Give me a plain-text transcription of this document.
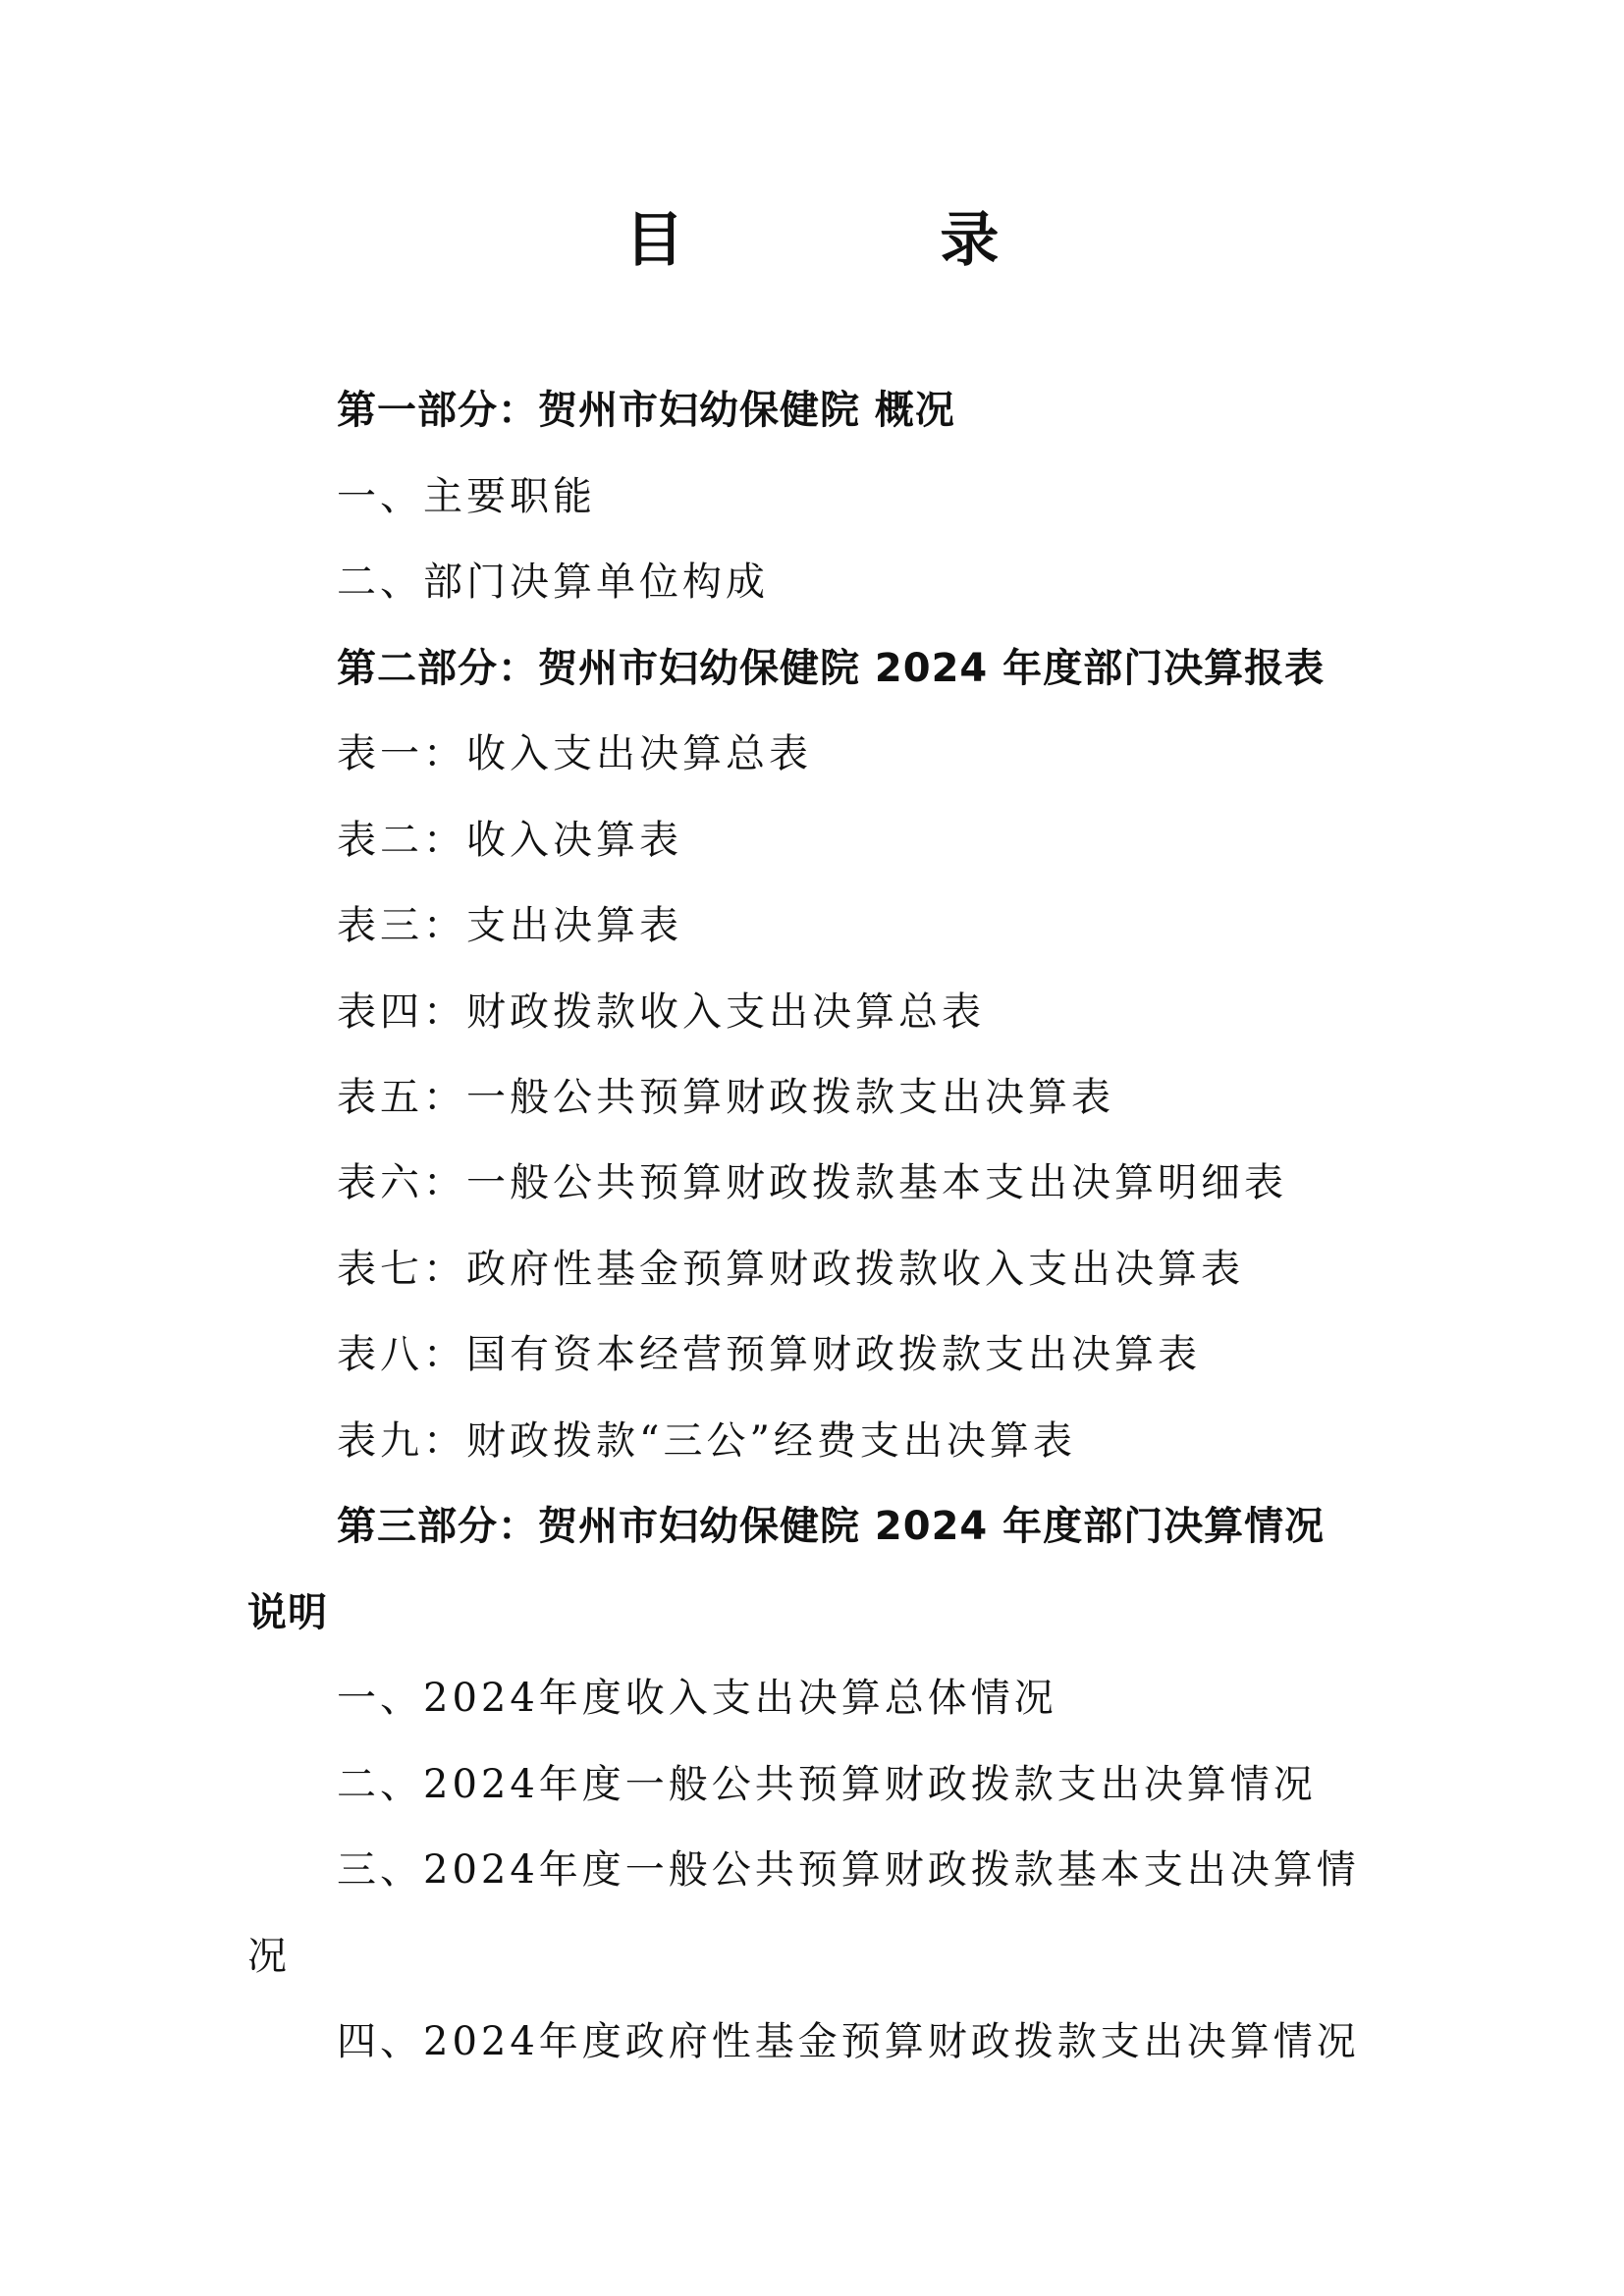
目 录
第一部分：贺州市妇幼保健院 概况
一、主要职能
二、部门决算单位构成
第二部分：贺州市妇幼保健院 2024 年度部门决算报表
表一：收入支出决算总表
表二：收入决算表
表三：支出决算表
表四：财政拨款收入支出决算总表
表五：一般公共预算财政拨款支出决算表
表六：一般公共预算财政拨款基本支出决算明细表
表七：政府性基金预算财政拨款收入支出决算表
表八：国有资本经营预算财政拨款支出决算表
表九：财政拨款“三公”经费支出决算表
第三部分：贺州市妇幼保健院 2024 年度部门决算情况
说明
一、2024年度收入支出决算总体情况
二、2024年度一般公共预算财政拨款支出决算情况
三、2024年度一般公共预算财政拨款基本支出决算情
况
四、2024年度政府性基金预算财政拨款支出决算情况
